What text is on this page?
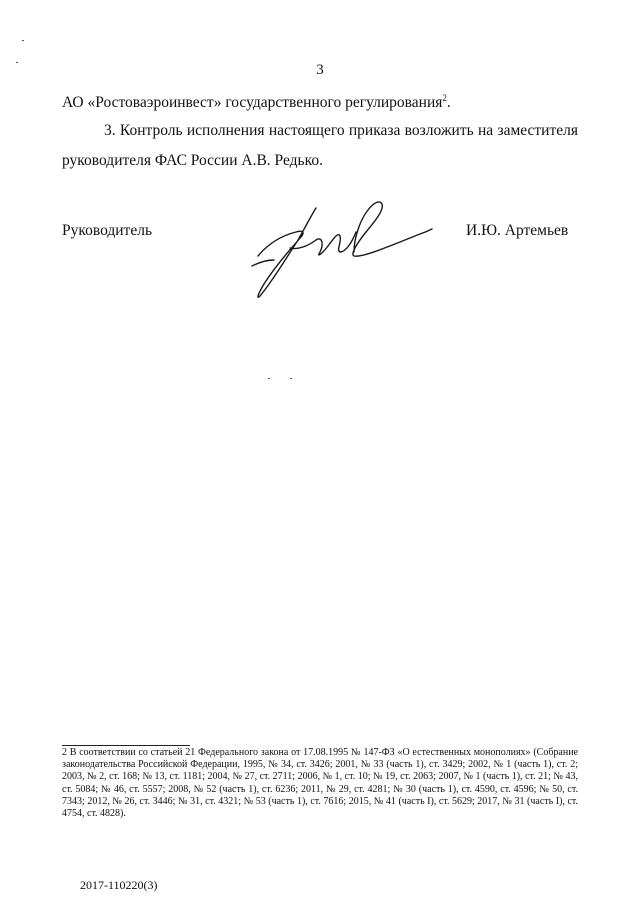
3
АО «Ростоваэроинвест» государственного регулирования$^2$.
3. Контроль исполнения настоящего приказа возложить на заместителя
руководителя ФАС России А.В. Редько.
Руководитель	И.Ю. Артемьев
2 В соответствии со статьей 21 Федерального закона от 17.08.1995 № 147-ФЗ «О естественных монополиях» (Собрание законодательства Российской Федерации, 1995, № 34, ст. 3426; 2001, № 33 (часть 1), ст. 3429; 2002, № 1 (часть 1), ст. 2; 2003, № 2, ст. 168; № 13, ст. 1181; 2004, № 27, ст. 2711; 2006, № 1, ст. 10; № 19, ст. 2063; 2007, № 1 (часть 1), ст. 21; № 43, ст. 5084; № 46, ст. 5557; 2008, № 52 (часть 1), ст. 6236; 2011, № 29, ст. 4281; № 30 (часть 1), ст. 4590, ст. 4596; № 50, ст. 7343; 2012, № 26, ст. 3446; № 31, ст. 4321; № 53 (часть 1), ст. 7616; 2015, № 41 (часть I), ст. 5629; 2017, № 31 (часть I), ст. 4754, ст. 4828).
2017-110220(3)
